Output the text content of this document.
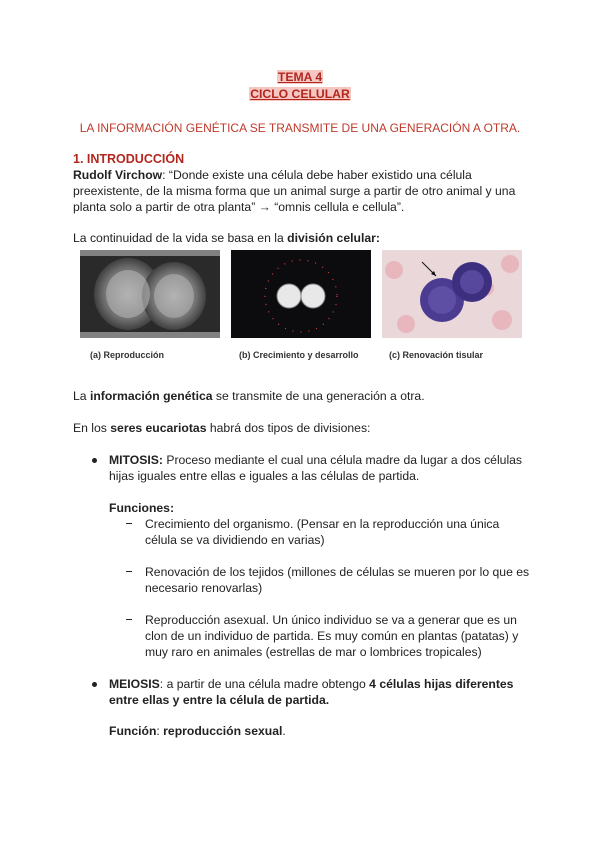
TEMA 4
CICLO CELULAR
LA INFORMACIÓN GENÉTICA SE TRANSMITE DE UNA GENERACIÓN A OTRA.
1. INTRODUCCIÓN
Rudolf Virchow: “Donde existe una célula debe haber existido una célula
preexistente, de la misma forma que un animal surge a partir de otro animal y una
planta solo a partir de otra planta” → “omnis cellula e cellula”.
La continuidad de la vida se basa en la división celular:
(a) Reproducción	(b) Crecimiento y desarrollo	(c) Renovación tisular
La información genética se transmite de una generación a otra.
En los seres eucariotas habrá dos tipos de divisiones:
MITOSIS: Proceso mediante el cual una célula madre da lugar a dos células
hijas iguales entre ellas e iguales a las células de partida.
Funciones:
Crecimiento del organismo. (Pensar en la reproducción una única
célula se va dividiendo en varias)
Renovación de los tejidos (millones de células se mueren por lo que es
necesario renovarlas)
Reproducción asexual. Un único individuo se va a generar que es un
clon de un individuo de partida. Es muy común en plantas (patatas) y
muy raro en animales (estrellas de mar o lombrices tropicales)
MEIOSIS: a partir de una célula madre obtengo 4 células hijas diferentes
entre ellas y entre la célula de partida.
Función: reproducción sexual.
